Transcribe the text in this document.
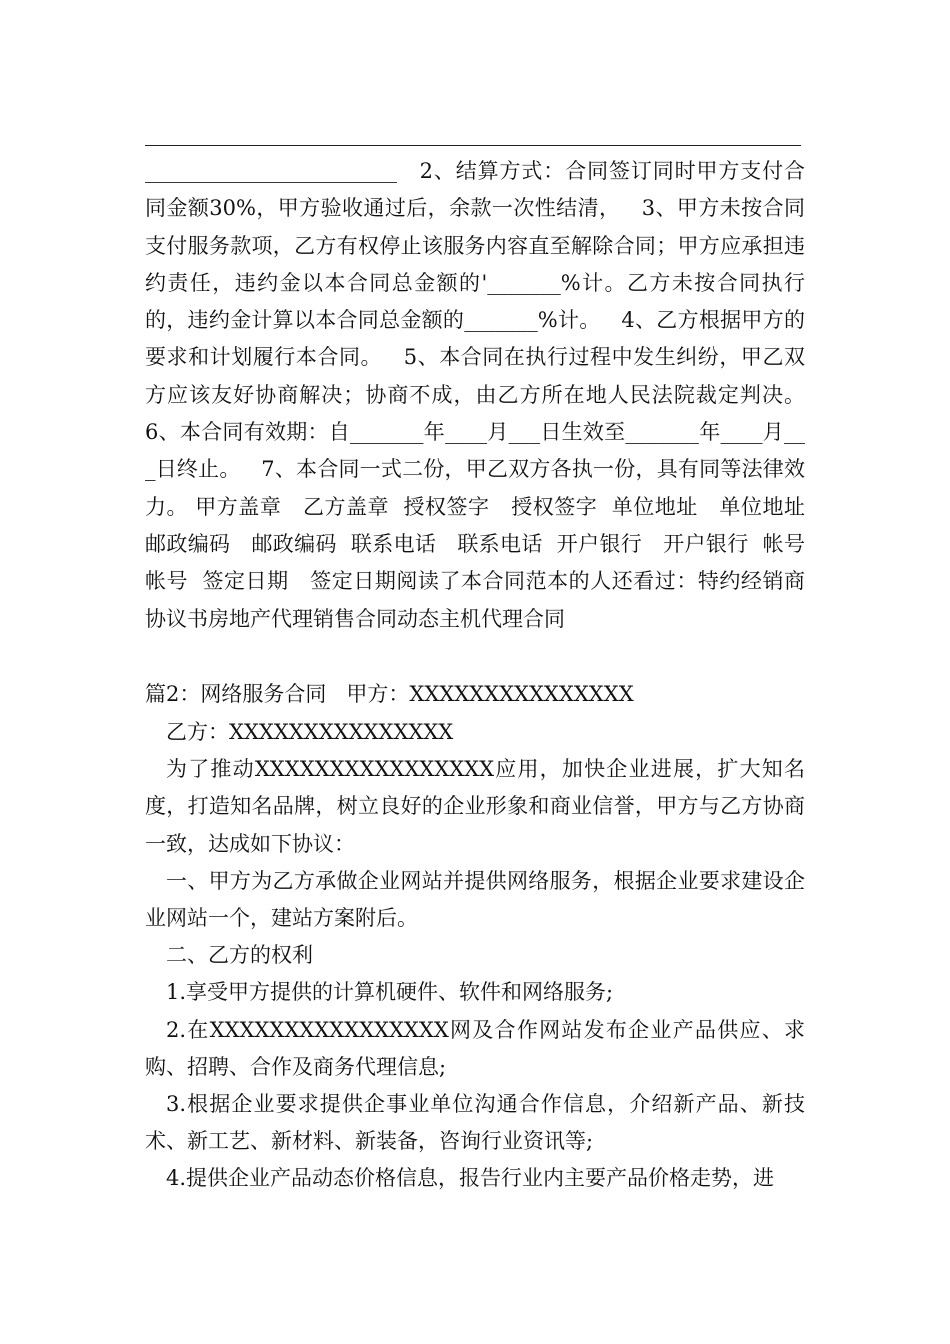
________________________   2、结算方式：合同签订同时甲方支付合同金额30%，甲方验收通过后，余款一次性结清，   3、甲方未按合同支付服务款项，乙方有权停止该服务内容直至解除合同；甲方应承担违约责任，违约金以本合同总金额的'_______%计。乙方未按合同执行的，违约金计算以本合同总金额的_______%计。   4、乙方根据甲方的要求和计划履行本合同。   5、本合同在执行过程中发生纠纷，甲乙双方应该友好协商解决；协商不成，由乙方所在地人民法院裁定判决。   6、本合同有效期：自_______年____月___日生效至_______年____月___日终止。   7、本合同一式二份，甲乙双方各执一份，具有同等法律效力。 甲方盖章   乙方盖章  授权签字   授权签字  单位地址   单位地址  邮政编码   邮政编码  联系电话   联系电话  开户银行   开户银行  帐号   帐号  签定日期   签定日期阅读了本合同范本的人还看过：特约经销商协议书房地产代理销售合同动态主机代理合同

篇2：网络服务合同   甲方：XXXXXXXXXXXXXXX

乙方：XXXXXXXXXXXXXXX

为了推动XXXXXXXXXXXXXXXX应用，加快企业进展，扩大知名度，打造知名品牌，树立良好的企业形象和商业信誉，甲方与乙方协商一致，达成如下协议：

一、甲方为乙方承做企业网站并提供网络服务，根据企业要求建设企业网站一个，建站方案附后。

二、乙方的权利

1.享受甲方提供的计算机硬件、软件和网络服务;

2.在XXXXXXXXXXXXXXXX网及合作网站发布企业产品供应、求购、招聘、合作及商务代理信息;

3.根据企业要求提供企事业单位沟通合作信息，介绍新产品、新技术、新工艺、新材料、新装备，咨询行业资讯等;

4.提供企业产品动态价格信息，报告行业内主要产品价格走势，进
